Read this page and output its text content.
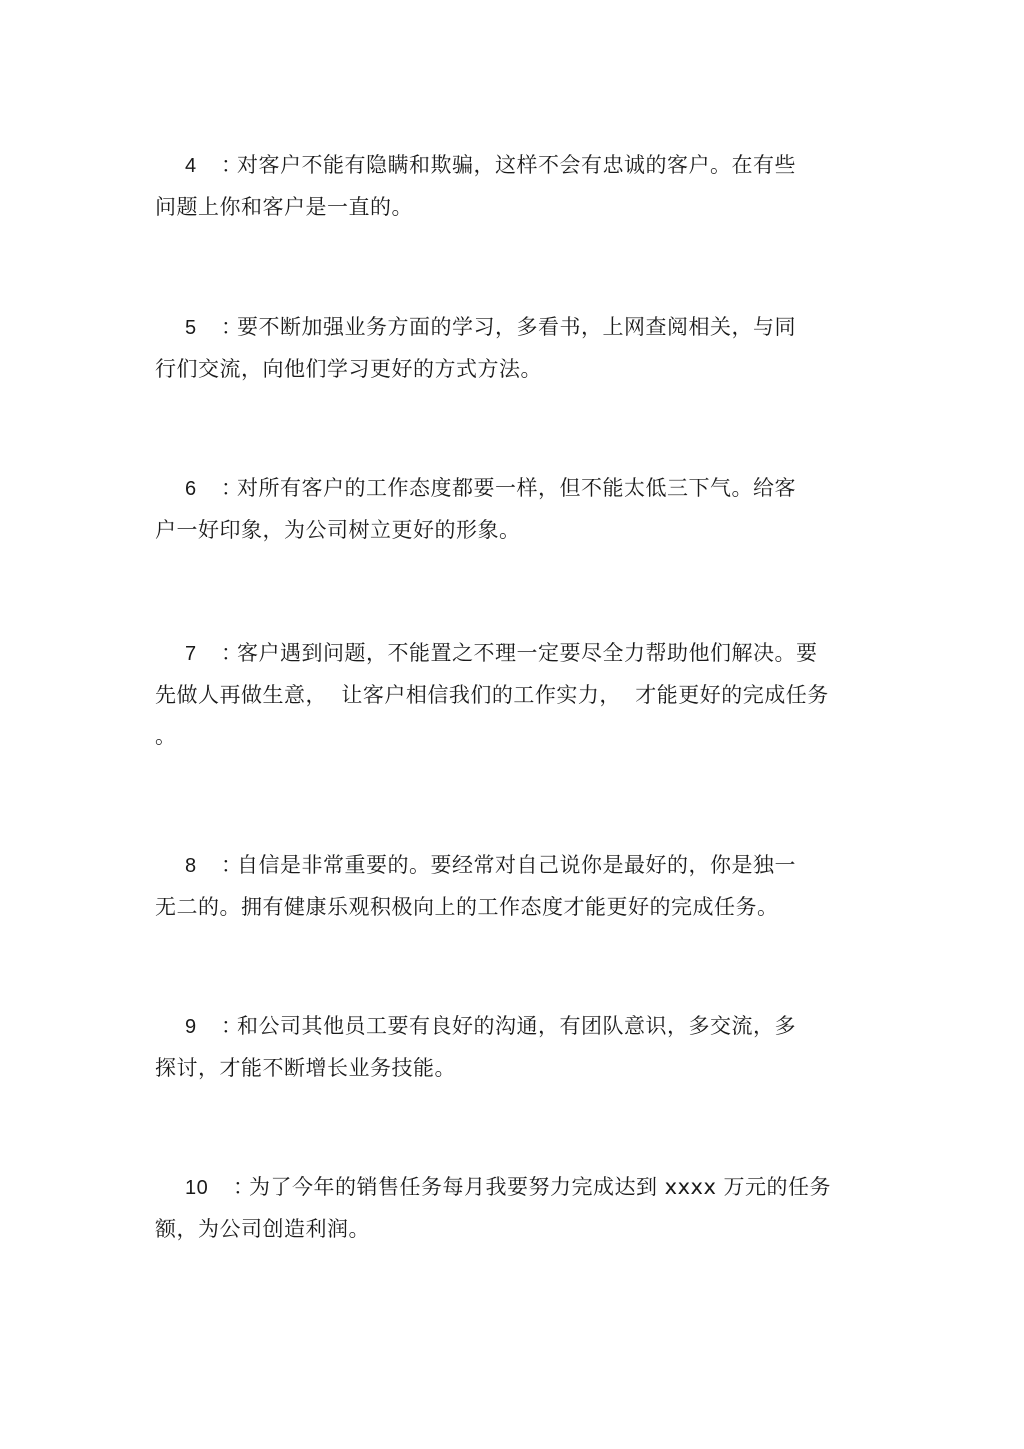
4 ：对客户不能有隐瞒和欺骗，这样不会有忠诚的客户。在有些
问题上你和客户是一直的。
5 ：要不断加强业务方面的学习，多看书，上网查阅相关，与同
行们交流，向他们学习更好的方式方法。
6 ：对所有客户的工作态度都要一样，但不能太低三下气。给客
户一好印象，为公司树立更好的形象。
7 ：客户遇到问题，不能置之不理一定要尽全力帮助他们解决。要
先做人再做生意，  让客户相信我们的工作实力，  才能更好的完成任务
。
8 ：自信是非常重要的。要经常对自己说你是最好的，你是独一
无二的。拥有健康乐观积极向上的工作态度才能更好的完成任务。
9 ：和公司其他员工要有良好的沟通，有团队意识，多交流，多
探讨，才能不断增长业务技能。
10 ：为了今年的销售任务每月我要努力完成达到 xxxx 万元的任务
额，为公司创造利润。
